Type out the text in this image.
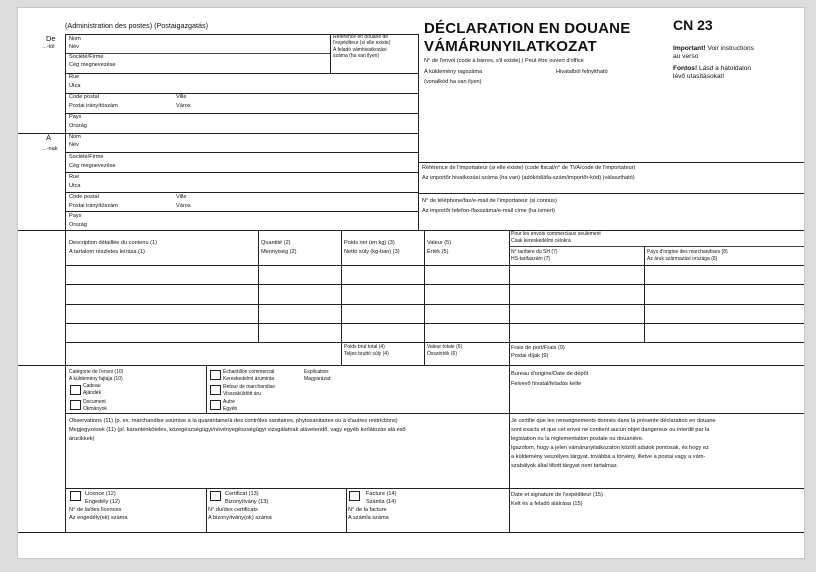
(Administration des postes) (Postaigazgatás)	DÉCLARATION EN DOUANE
VÁMÁRUNYILATKOZAT
CN 23
Important! Voir instructions
au verso
Fontos! Lásd a hátoldalon
lévő utasításokat!
N° de l'envoi (code à barres, s'il existe) | Peut être ouvert d'office
A küldemény ragszáma	Hivatalból felnyitható
(vonalkód ha van ilyen)
De
...-tól
Nom
Név
Société/Firme
Cég megnevezése
Référence en douane de
l'expéditeur (si elle existe)
A feladó vámhivatkozási
száma (ha van ilyen)
Rue
Utca
Code postal
Postai irányítószám
Ville
Város
Pays
Ország
À
...-nak
Nom
Név
Société/Firme
Cég megnevezése
Rue
Utca
Code postal
Postai irányítószám
Ville
Város
Pays
Ország
Référence de l'importateur (si elle existe) (code fiscal/n° de TVA/code de l'importateur)
Az importőr hivatkozási száma (ha van) (adókód/áfa-szám/importőr-kód) (választható)
N° de téléphone/fax/e-mail de l'importateur (si connus)
Az importőr telefon-/faxszáma/e-mail címe (ha ismert)
Description détaillée du contenu (1)
A tartalom részletes leírása (1)
Quantité (2)
Mennyiség (2)
Poids net (en kg) (3)
Nettó súly (kg-ban) (3)
Valeur (5)
Érték (5)
Pour les envois commerciaux seulement
Csak kereskedelmi célokra
N° tarifaire du SH (7)
HS-tarifaszám (7)
Pays d'origine des marchandises (8)
Az áruk származási országa (8)
Poids brut total (4)
Teljes bruttó súly (4)
Valeur totale (6)
Összérték (6)
Frais de port/Frais (9)
Postai díjak (9)
Catégorie de l'envoi (10)
A küldemény fajtája (10)
Cadeau
Ajándék
Document
Okmányok
Échantillon commercial
Kereskedelmi áruminta
Retour de marchandise
Visszaküldött áru
Autre
Egyéb
Explication:
Magyarázat:
Bureau d'origine/Date de dépôt
Felvevő hivatal/feladás kelte
Observations (11) (p. ex. marchandise soumise à la quarantaine/à des contrôles sanitaires, phytosanitaires ou à d'autres restrictions)
Megjegyzések (11) (pl. karanténköteles, közegészségügyi/növényegészségügyi vizsgálatnak alávetendő, vagy egyéb korlátozás alá eső
árucikkek)
Je certifie que les renseignements donnés dans la présente déclaration en douane
sont exacts et que cet envoi ne contient aucun objet dangereux ou interdit par la
législation ou la réglementation postale ou douanière.
Igazolom, hogy a jelen vámárunyilatkozaton közölt adatok pontosak, és hogy ez
a küldemény veszélyes tárgyat, továbbá a törvény, illetve a postai vagy a vám-
szabályok által tiltott tárgyat nem tartalmaz.
Licence (12)
Engedély (12)
N° de la/des licences
Az engedély(ek) száma
Certificat (13)
Bizonyítvány (13)
N° du/des certificats
A bizonyítvány(ok) száma
Facture (14)
Számla (14)
N° de la facture
A számla száma
Date et signature de l'expéditeur (15)
Kelt és a feladó aláírása (15)
